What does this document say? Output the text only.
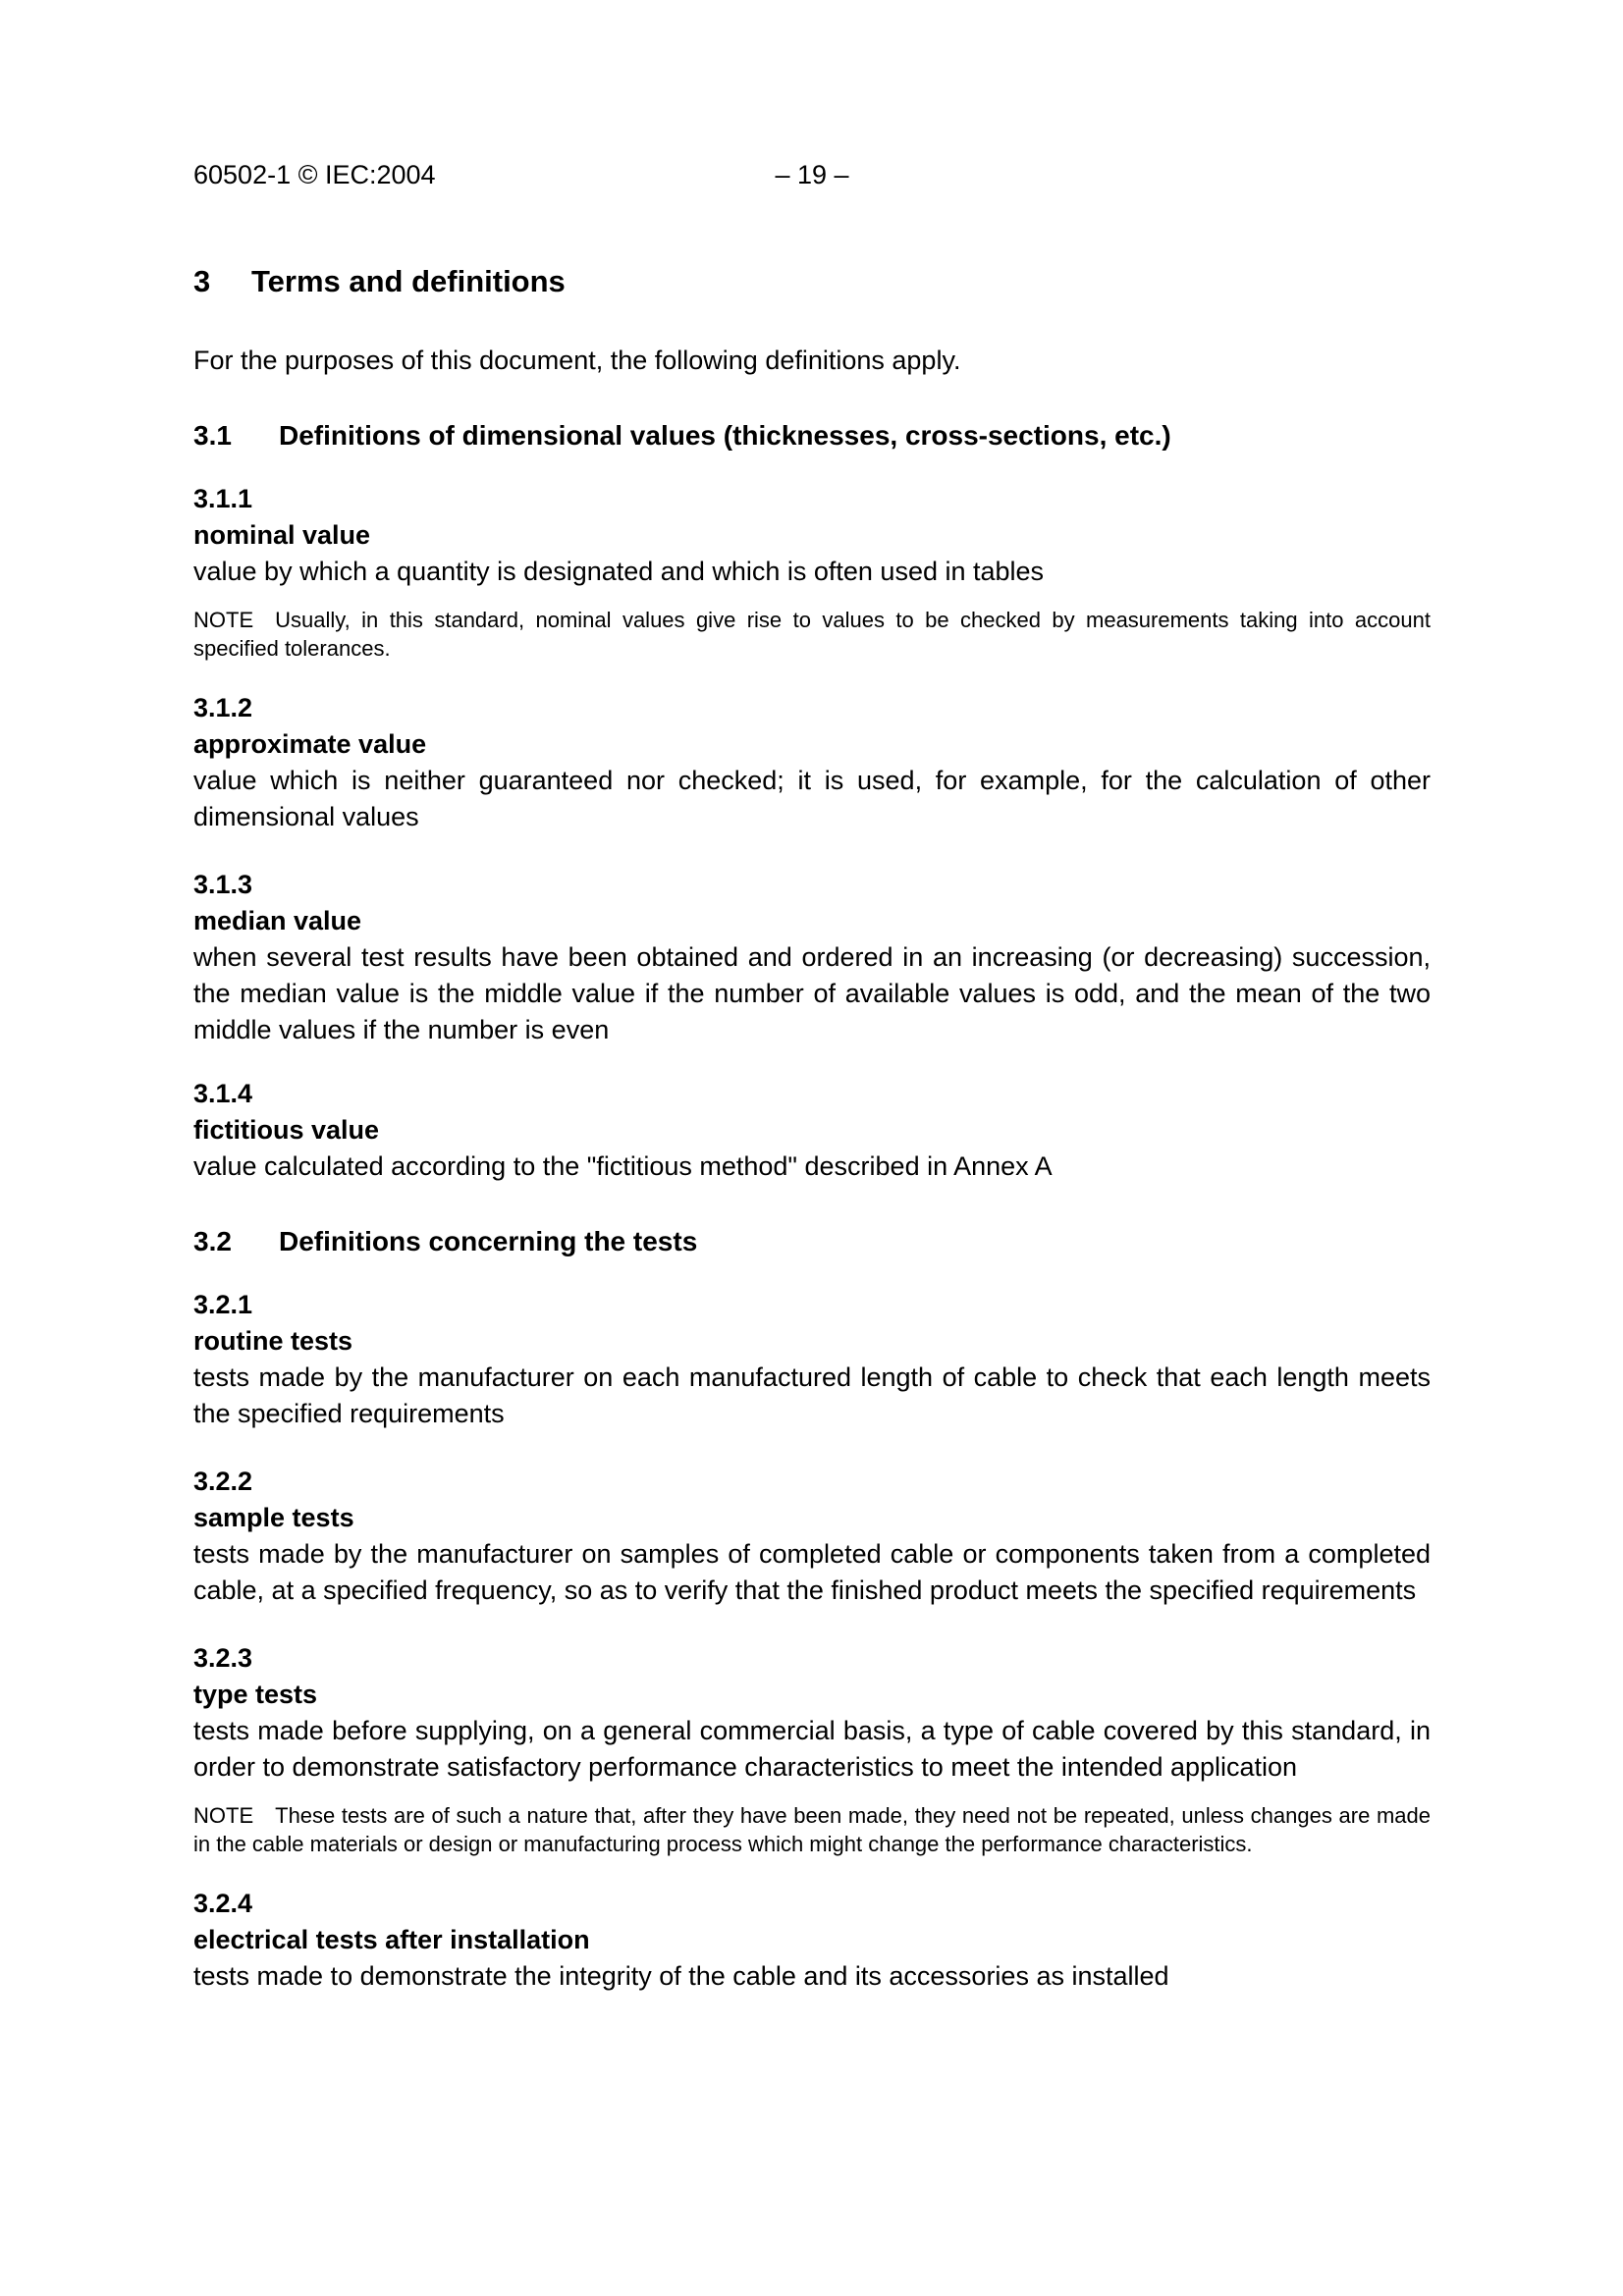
60502-1 © IEC:2004	– 19 –
3 Terms and definitions

For the purposes of this document, the following definitions apply.

3.1 Definitions of dimensional values (thicknesses, cross-sections, etc.)
3.1.1
nominal value

value by which a quantity is designated and which is often used in tables

NOTE Usually, in this standard, nominal values give rise to values to be checked by measurements taking into account specified tolerances.

3.1.2
approximate value

value which is neither guaranteed nor checked; it is used, for example, for the calculation of other dimensional values

3.1.3
median value

when several test results have been obtained and ordered in an increasing (or decreasing) succession, the median value is the middle value if the number of available values is odd, and the mean of the two middle values if the number is even

3.1.4
fictitious value

value calculated according to the "fictitious method" described in Annex A

3.2 Definitions concerning the tests
3.2.1
routine tests

tests made by the manufacturer on each manufactured length of cable to check that each length meets the specified requirements

3.2.2
sample tests

tests made by the manufacturer on samples of completed cable or components taken from a completed cable, at a specified frequency, so as to verify that the finished product meets the specified requirements

3.2.3
type tests

tests made before supplying, on a general commercial basis, a type of cable covered by this standard, in order to demonstrate satisfactory performance characteristics to meet the intended application

NOTE These tests are of such a nature that, after they have been made, they need not be repeated, unless changes are made in the cable materials or design or manufacturing process which might change the performance characteristics.

3.2.4
electrical tests after installation

tests made to demonstrate the integrity of the cable and its accessories as installed
